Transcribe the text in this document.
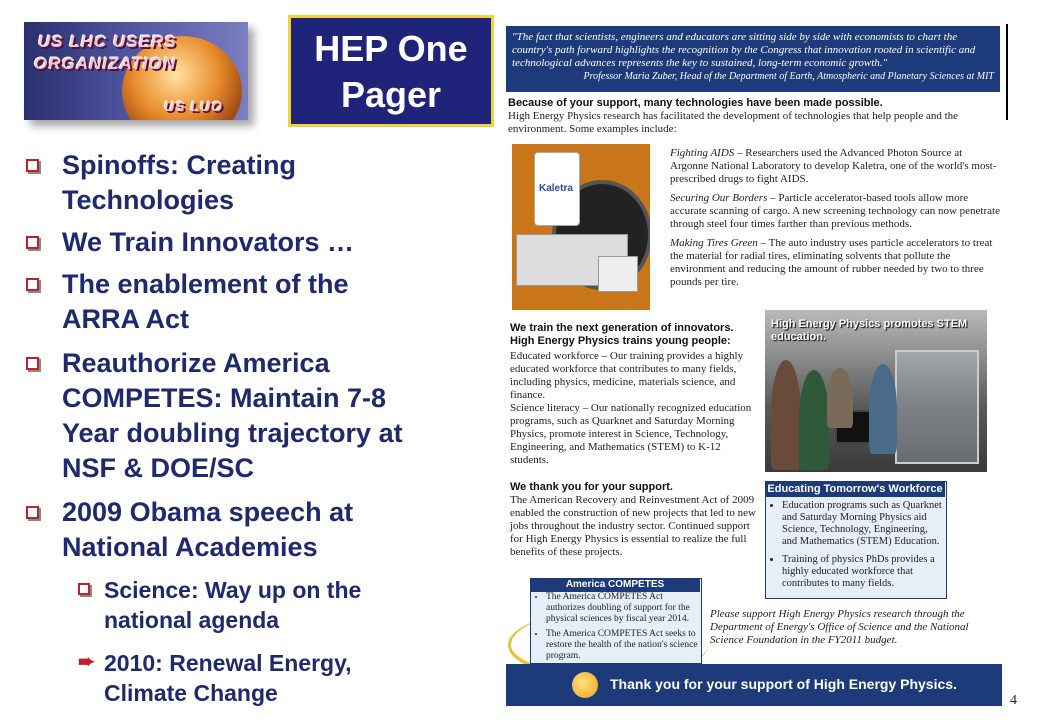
US LHC USERS
ORGANIZATION
US LUO
HEP One
Pager
Spinoffs: Creating Technologies
We Train Innovators …
The enablement of the ARRA Act
Reauthorize America COMPETES: Maintain 7-8 Year doubling trajectory at NSF & DOE/SC
2009 Obama speech at National Academies
Science: Way up on the national agenda
➨ 2010: Renewal Energy, Climate Change
"The fact that scientists, engineers and educators are sitting side by side with economists to chart the country's path forward highlights the recognition by the Congress that innovation rooted in scientific and technological advances represents the key to sustained, long-term economic growth."
Professor Maria Zuber, Head of the Department of Earth, Atmospheric and Planetary Sciences at MIT
Because of your support, many technologies have been made possible.

High Energy Physics research has facilitated the development of technologies that help people and the environment. Some examples include:

Kaletra

Fighting AIDS – Researchers used the Advanced Photon Source at Argonne National Laboratory to develop Kaletra, one of the world's most-prescribed drugs to fight AIDS.

Securing Our Borders – Particle accelerator-based tools allow more accurate scanning of cargo. A new screening technology can now penetrate through steel four times farther than previous methods.

Making Tires Green – The auto industry uses particle accelerators to treat the material for radial tires, eliminating solvents that pollute the environment and reducing the amount of rubber needed by two to three pounds per tire.

We train the next generation of innovators. High Energy Physics trains young people:

Educated workforce – Our training provides a highly educated workforce that contributes to many fields, including physics, medicine, materials science, and finance.

Science literacy – Our nationally recognized education programs, such as Quarknet and Saturday Morning Physics, promote interest in Science, Technology, Engineering, and Mathematics (STEM) to K-12 students.

High Energy Physics promotes STEM education.
We thank you for your support.

The American Recovery and Reinvestment Act of 2009 enabled the construction of new projects that led to new jobs throughout the industry sector. Continued support for High Energy Physics is essential to realize the full benefits of these projects.

Educating Tomorrow's Workforce
• Education programs such as Quarknet and Saturday Morning Physics aid Science, Technology, Engineering, and Mathematics (STEM) Education.
• Training of physics PhDs provides a highly educated workforce that contributes to many fields.
America COMPETES
• The America COMPETES Act authorizes doubling of support for the physical sciences by fiscal year 2014.
• The America COMPETES Act seeks to restore the health of the nation's science program.
Please support High Energy Physics research through the Department of Energy's Office of Science and the National Science Foundation in the FY2011 budget.
Thank you for your support of High Energy Physics.
4
